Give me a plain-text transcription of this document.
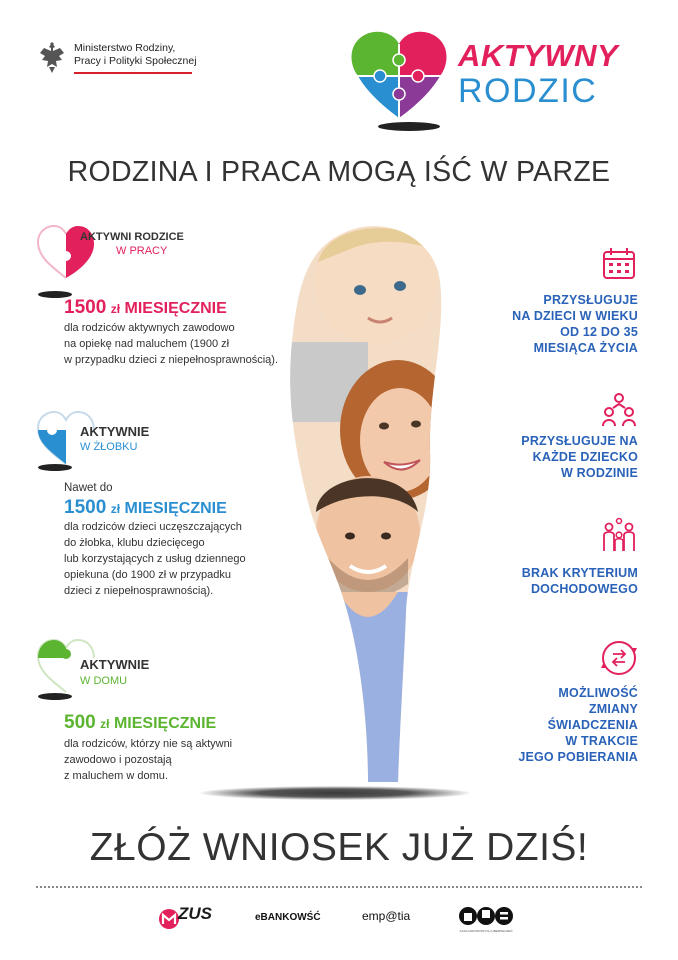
Ministerstwo Rodziny,
Pracy i Polityki Społecznej	AKTYWNY
RODZIC
RODZINA I PRACA MOGĄ IŚĆ W PARZE
AKTYWNI RODZICE
W PRACY
1500 zł MIESIĘCZNIE
dla rodziców aktywnych zawodowo
na opiekę nad maluchem (1900 zł
w przypadku dzieci z niepełnosprawnością).
AKTYWNIE
W ŻŁOBKU
Nawet do
1500 zł MIESIĘCZNIE
dla rodziców dzieci uczęszczających
do żłobka, klubu dziecięcego
lub korzystających z usług dziennego
opiekuna (do 1900 zł w przypadku
dzieci z niepełnosprawnością).
AKTYWNIE
W DOMU
500 zł MIESIĘCZNIE
dla rodziców, którzy nie są aktywni
zawodowo i pozostają
z maluchem w domu.
PRZYSŁUGUJE
NA DZIECI W WIEKU
OD 12 DO 35
MIESIĄCA ŻYCIA
PRZYSŁUGUJE NA
KAŻDE DZIECKO
W RODZINIE
BRAK KRYTERIUM
DOCHODOWEGO
MOŻLIWOŚĆ
ZMIANY
ŚWIADCZENIA
W TRAKCIE
JEGO POBIERANIA
ZŁÓŻ WNIOSEK JUŻ DZIŚ!
ZUS	eBANKOWŚĆ	emp@tia
KASA NARODOWYCH UBEZPIECZEŃ
